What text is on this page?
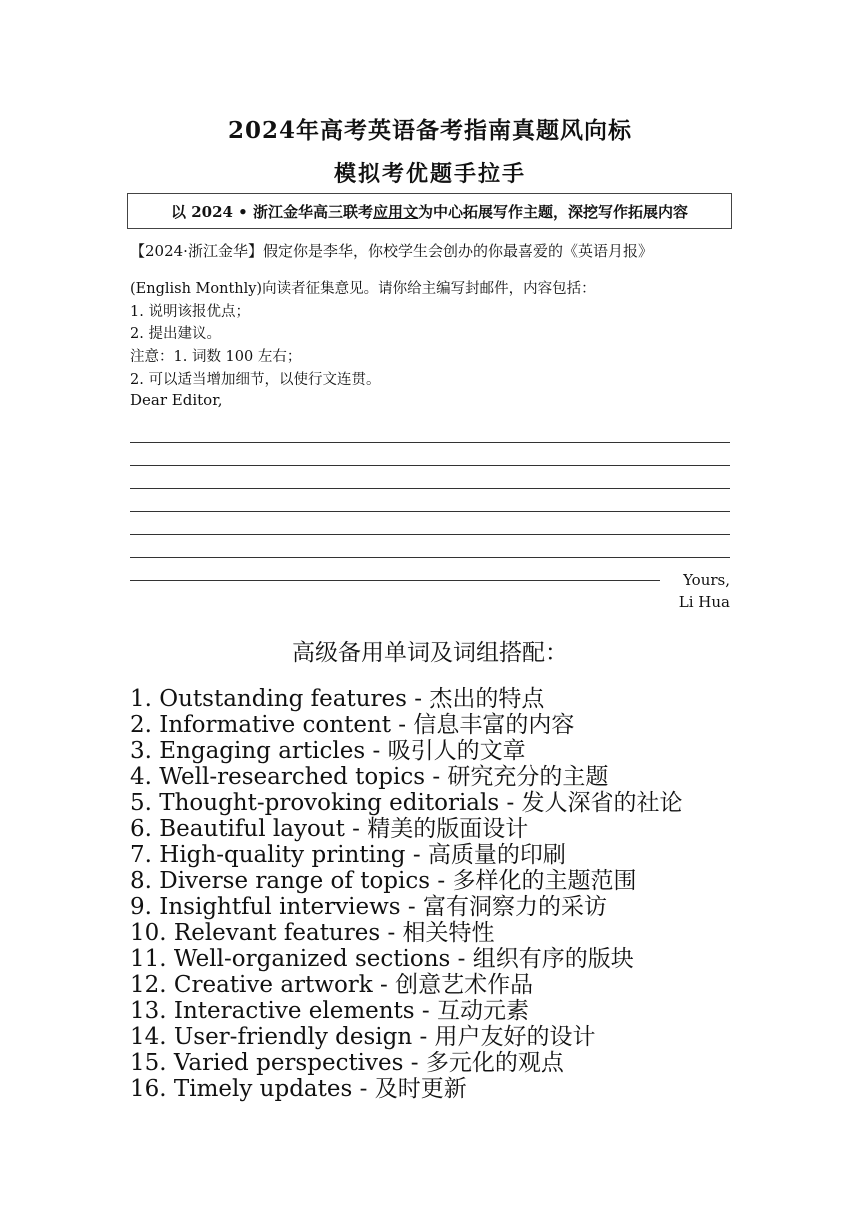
2024年高考英语备考指南真题风向标
模拟考优题手拉手
以 2024 • 浙江金华高三联考 应用文 为中心拓展写作主题，深挖写作拓展内容
【2024·浙江金华】假定你是李华，你校学生会创办的你最喜爱的《英语月报》
(English Monthly)向读者征集意见。请你给主编写封邮件，内容包括：
1. 说明该报优点；
2. 提出建议。
注意：1. 词数 100 左右；
2. 可以适当增加细节，以使行文连贯。
Dear Editor,
Yours,
Li Hua
高级备用单词及词组搭配：
1. Outstanding features - 杰出的特点
2. Informative content - 信息丰富的内容
3. Engaging articles - 吸引人的文章
4. Well-researched topics - 研究充分的主题
5. Thought-provoking editorials - 发人深省的社论
6. Beautiful layout - 精美的版面设计
7. High-quality printing - 高质量的印刷
8. Diverse range of topics - 多样化的主题范围
9. Insightful interviews - 富有洞察力的采访
10. Relevant features - 相关特性
11. Well-organized sections - 组织有序的版块
12. Creative artwork - 创意艺术作品
13. Interactive elements - 互动元素
14. User-friendly design - 用户友好的设计
15. Varied perspectives - 多元化的观点
16. Timely updates - 及时更新
